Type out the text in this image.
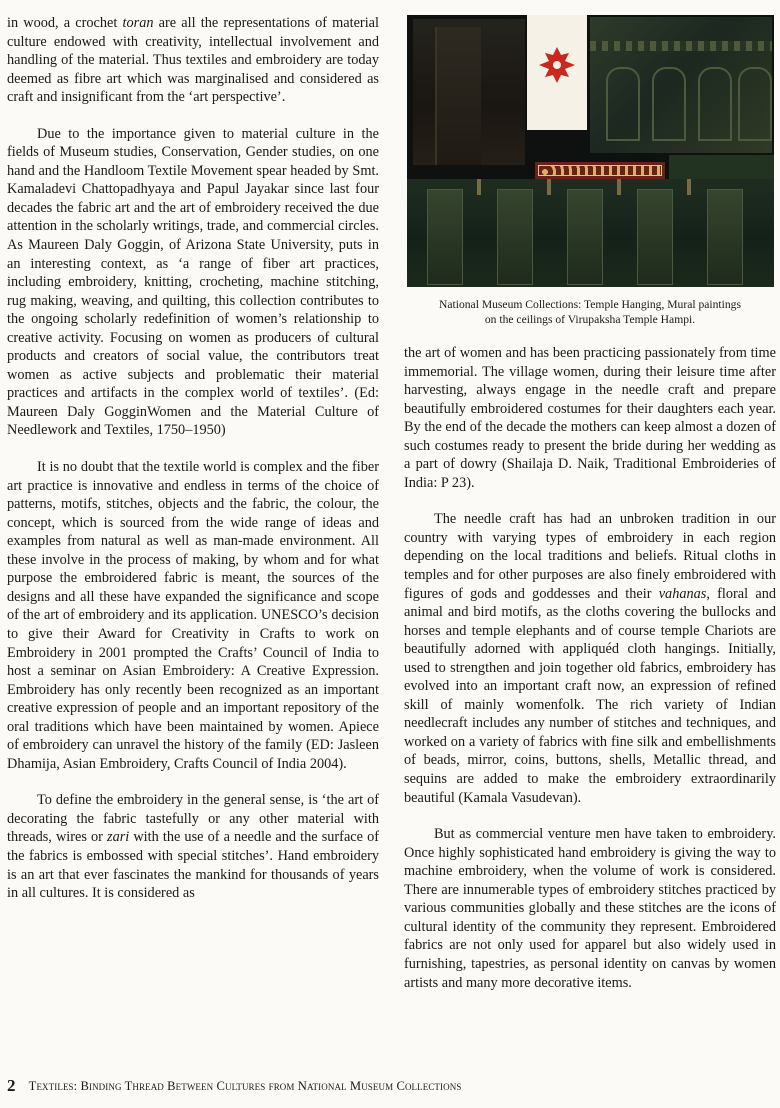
in wood, a crochet toran are all the representations of material culture endowed with creativity, intellectual involvement and handling of the material. Thus textiles and embroidery are today deemed as fibre art which was marginalised and considered as craft and insignificant from the ‘art perspective’.

Due to the importance given to material culture in the fields of Museum studies, Conservation, Gender studies, on one hand and the Handloom Textile Movement spear headed by Smt. Kamaladevi Chattopadhyaya and Papul Jayakar since last four decades the fabric art and the art of embroidery received the due attention in the scholarly writings, trade, and commercial circles. As Maureen Daly Goggin, of Arizona State University, puts in an interesting context, as ‘a range of fiber art practices, including embroidery, knitting, crocheting, machine stitching, rug making, weaving, and quilting, this collection contributes to the ongoing scholarly redefinition of women’s relationship to creative activity. Focusing on women as producers of cultural products and creators of social value, the contributors treat women as active subjects and problematic their material practices and artifacts in the complex world of textiles’. (Ed: Maureen Daly GogginWomen and the Material Culture of Needlework and Textiles, 1750–1950)

It is no doubt that the textile world is complex and the fiber art practice is innovative and endless in terms of the choice of patterns, motifs, stitches, objects and the fabric, the colour, the concept, which is sourced from the wide range of ideas and examples from natural as well as man-made environment. All these involve in the process of making, by whom and for what purpose the embroidered fabric is meant, the sources of the designs and all these have expanded the significance and scope of the art of embroidery and its application. UNESCO’s decision to give their Award for Creativity in Crafts to work on Embroidery in 2001 prompted the Crafts’ Council of India to host a seminar on Asian Embroidery: A Creative Expression. Embroidery has only recently been recognized as an important creative expression of people and an important repository of the oral traditions which have been maintained by women. Apiece of embroidery can unravel the history of the family (ED: Jasleen Dhamija, Asian Embroidery, Crafts Council of India 2004).

To define the embroidery in the general sense, is ‘the art of decorating the fabric tastefully or any other material with threads, wires or zari with the use of a needle and the surface of the fabrics is embossed with special stitches’. Hand embroidery is an art that ever fascinates the mankind for thousands of years in all cultures. It is considered as

National Museum Collections: Temple Hanging, Mural paintings
on the ceilings of Virupaksha Temple Hampi.

the art of women and has been practicing passionately from time immemorial. The village women, during their leisure time after harvesting, always engage in the needle craft and prepare beautifully embroidered costumes for their daughters each year. By the end of the decade the mothers can keep almost a dozen of such costumes ready to present the bride during her wedding as a part of dowry (Shailaja D. Naik, Traditional Embroideries of India: P 23).

The needle craft has had an unbroken tradition in our country with varying types of embroidery in each region depending on the local traditions and beliefs. Ritual cloths in temples and for other purposes are also finely embroidered with figures of gods and goddesses and their vahanas, floral and animal and bird motifs, as the cloths covering the bullocks and horses and temple elephants and of course temple Chariots are beautifully adorned with appliquéd cloth hangings. Initially, used to strengthen and join together old fabrics, embroidery has evolved into an important craft now, an expression of refined skill of mainly womenfolk. The rich variety of Indian needlecraft includes any number of stitches and techniques, and worked on a variety of fabrics with fine silk and embellishments of beads, mirror, coins, buttons, shells, Metallic thread, and sequins are added to make the embroidery extraordinarily beautiful (Kamala Vasudevan).

But as commercial venture men have taken to embroidery. Once highly sophisticated hand embroidery is giving the way to machine embroidery, when the volume of work is considered. There are innumerable types of embroidery stitches practiced by various communities globally and these stitches are the icons of cultural identity of the community they represent. Embroidered fabrics are not only used for apparel but also widely used in furnishing, tapestries, as personal identity on canvas by women artists and many more decorative items.

2 Textiles: Binding Thread Between Cultures from National Museum Collections
